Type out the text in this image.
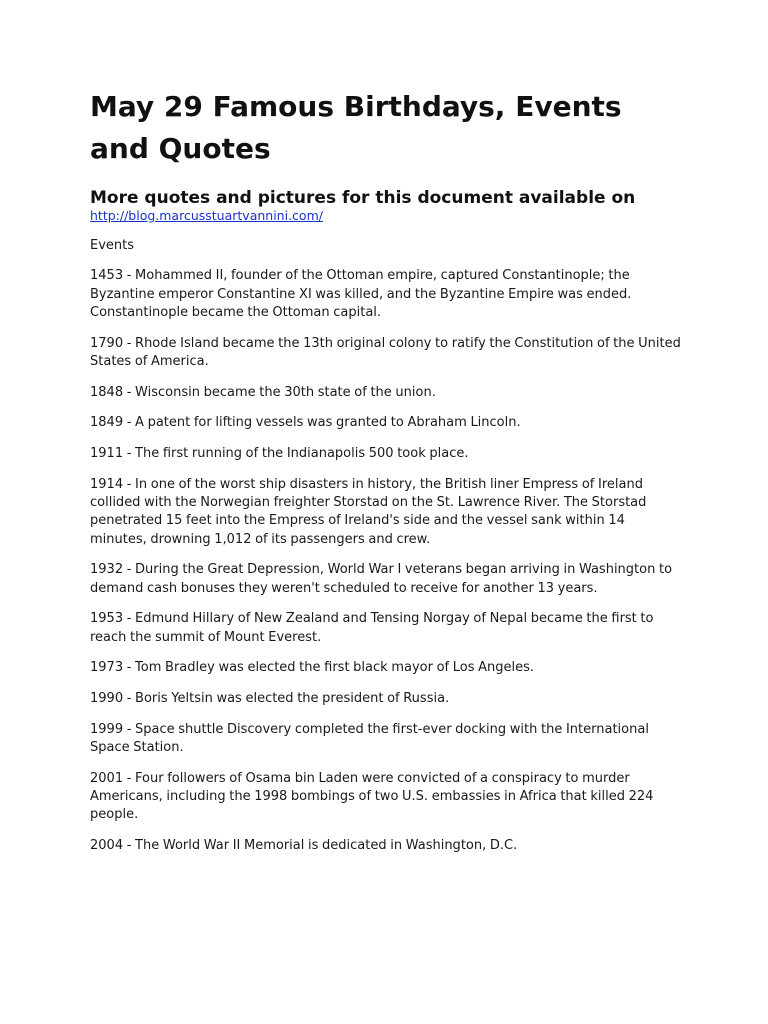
May 29 Famous Birthdays, Events and Quotes
More quotes and pictures for this document available on
http://blog.marcusstuartvannini.com/

Events

1453 - Mohammed II, founder of the Ottoman empire, captured Constantinople; the Byzantine emperor Constantine XI was killed, and the Byzantine Empire was ended. Constantinople became the Ottoman capital.
1790 - Rhode Island became the 13th original colony to ratify the Constitution of the United States of America.
1848 - Wisconsin became the 30th state of the union.
1849 - A patent for lifting vessels was granted to Abraham Lincoln.
1911 - The first running of the Indianapolis 500 took place.
1914 - In one of the worst ship disasters in history, the British liner Empress of Ireland collided with the Norwegian freighter Storstad on the St. Lawrence River. The Storstad penetrated 15 feet into the Empress of Ireland's side and the vessel sank within 14 minutes, drowning 1,012 of its passengers and crew.
1932 - During the Great Depression, World War I veterans began arriving in Washington to demand cash bonuses they weren't scheduled to receive for another 13 years.
1953 - Edmund Hillary of New Zealand and Tensing Norgay of Nepal became the first to reach the summit of Mount Everest.
1973 - Tom Bradley was elected the first black mayor of Los Angeles.
1990 - Boris Yeltsin was elected the president of Russia.
1999 - Space shuttle Discovery completed the first-ever docking with the International Space Station.
2001 - Four followers of Osama bin Laden were convicted of a conspiracy to murder Americans, including the 1998 bombings of two U.S. embassies in Africa that killed 224 people.
2004 - The World War II Memorial is dedicated in Washington, D.C.
